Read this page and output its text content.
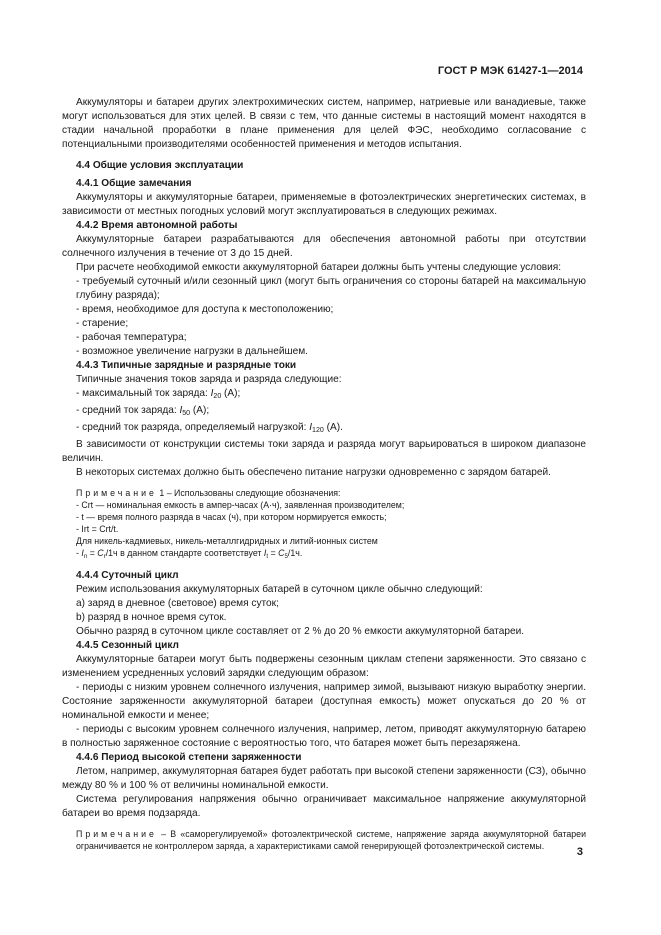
ГОСТ Р МЭК 61427-1—2014

Аккумуляторы и батареи других электрохимических систем, например, натриевые или ванадиевые, также могут использоваться для этих целей. В связи с тем, что данные системы в настоящий момент находятся в стадии начальной проработки в плане применения для целей ФЭС, необходимо согласование с потенциальными производителями особенностей применения и методов испытания.

4.4 Общие условия эксплуатации

4.4.1 Общие замечания

Аккумуляторы и аккумуляторные батареи, применяемые в фотоэлектрических энергетических системах, в зависимости от местных погодных условий могут эксплуатироваться в следующих режимах.

4.4.2 Время автономной работы

Аккумуляторные батареи разрабатываются для обеспечения автономной работы при отсутствии солнечного излучения в течение от 3 до 15 дней.

При расчете необходимой емкости аккумуляторной батареи должны быть учтены следующие условия:

- требуемый суточный и/или сезонный цикл (могут быть ограничения со стороны батарей на максимальную глубину разряда);

- время, необходимое для доступа к местоположению;

- старение;

- рабочая температура;

- возможное увеличение нагрузки в дальнейшем.

4.4.3 Типичные зарядные и разрядные токи

Типичные значения токов заряда и разряда следующие:

- максимальный ток заряда: $I_{20}$ (A);

- средний ток заряда: $I_{50}$ (A);

- средний ток разряда, определяемый нагрузкой: $I_{120}$ (A).

В зависимости от конструкции системы токи заряда и разряда могут варьироваться в широком диапазоне величин.

В некоторых системах должно быть обеспечено питание нагрузки одновременно с зарядом батарей.

Примечание 1 – Использованы следующие обозначения:

- Crt — номинальная емкость в ампер-часах (А·ч), заявленная производителем;

- t — время полного разряда в часах (ч), при котором нормируется емкость;

- Irt = Crt/t.

Для никель-кадмиевых, никель-металлгидридных и литий-ионных систем

- $I_n = C_r/1ч$ в данном стандарте соответствует $I_t = C_5/1ч$.

4.4.4 Суточный цикл

Режим использования аккумуляторных батарей в суточном цикле обычно следующий:

а) заряд в дневное (световое) время суток;

b) разряд в ночное время суток.

Обычно разряд в суточном цикле составляет от 2 % до 20 % емкости аккумуляторной батареи.

4.4.5 Сезонный цикл

Аккумуляторные батареи могут быть подвержены сезонным циклам степени заряженности. Это связано с изменением усредненных условий зарядки следующим образом:

- периоды с низким уровнем солнечного излучения, например зимой, вызывают низкую выработку энергии. Состояние заряженности аккумуляторной батареи (доступная емкость) может опускаться до 20 % от номинальной емкости и менее;

- периоды с высоким уровнем солнечного излучения, например, летом, приводят аккумуляторную батарею в полностью заряженное состояние с вероятностью того, что батарея может быть перезаряжена.

4.4.6 Период высокой степени заряженности

Летом, например, аккумуляторная батарея будет работать при высокой степени заряженности (СЗ), обычно между 80 % и 100 % от величины номинальной емкости.

Система регулирования напряжения обычно ограничивает максимальное напряжение аккумуляторной батареи во время подзаряда.

Примечание – В «саморегулируемой» фотоэлектрической системе, напряжение заряда аккумуляторной батареи ограничивается не контроллером заряда, а характеристиками самой генерирующей фотоэлектрической системы.	3
